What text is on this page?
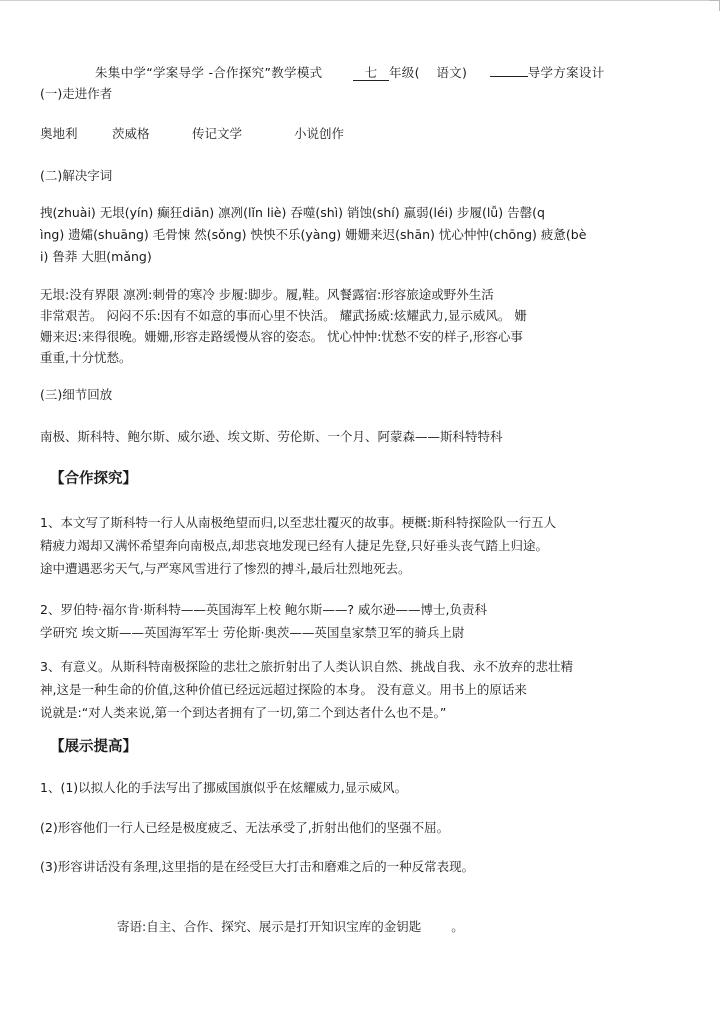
朱集中学“学案导学 -合作探究”教学模式	七 年级( 语文)	导学方案设计
(一)走进作者
奥地利	茨威格	传记文学	小说创作
(二)解决字词
拽(zhuài) 无垠(yín) 癫狂diān) 凛冽(lǐn liè) 吞噬(shì) 销蚀(shí) 羸弱(léi) 步履(lǚ) 告罄(q
ìng) 遗孀(shuāng) 毛骨悚 然(sǒng) 怏怏不乐(yàng) 姗姗来迟(shān) 忧心忡忡(chōng) 疲惫(bè
i) 鲁莽 大胆(mǎng)
无垠:没有界限 凛冽:刺骨的寒冷 步履:脚步。履,鞋。风餐露宿:形容旅途或野外生活
非常艰苦。 闷闷不乐:因有不如意的事而心里不快活。 耀武扬威:炫耀武力,显示威风。 姗
姗来迟:来得很晚。姗姗,形容走路缓慢从容的姿态。 忧心忡忡:忧愁不安的样子,形容心事
重重,十分忧愁。
(三)细节回放
南极、斯科特、鲍尔斯、威尔逊、埃文斯、劳伦斯、一个月、阿蒙森——斯科特特科
【合作探究】
1、本文写了斯科特一行人从南极绝望而归,以至悲壮覆灭的故事。梗概:斯科特探险队一行五人
精疲力竭却又满怀希望奔向南极点,却悲哀地发现已经有人捷足先登,只好垂头丧气踏上归途。
途中遭遇恶劣天气,与严寒风雪进行了惨烈的搏斗,最后壮烈地死去。
2、罗伯特·福尔肯·斯科特——英国海军上校 鲍尔斯——? 威尔逊——博士,负责科
学研究 埃文斯——英国海军军士 劳伦斯·奥茨——英国皇家禁卫军的骑兵上尉
3、有意义。从斯科特南极探险的悲壮之旅折射出了人类认识自然、挑战自我、永不放弃的悲壮精
神,这是一种生命的价值,这种价值已经远远超过探险的本身。 没有意义。用书上的原话来
说就是:“对人类来说,第一个到达者拥有了一切,第二个到达者什么也不是。”
【展示提高】
1、(1)以拟人化的手法写出了挪威国旗似乎在炫耀威力,显示威风。
(2)形容他们一行人已经是极度疲乏、无法承受了,折射出他们的坚强不屈。
(3)形容讲话没有条理,这里指的是在经受巨大打击和磨难之后的一种反常表现。
寄语:自主、合作、探究、展示是打开知识宝库的金钥匙 。
